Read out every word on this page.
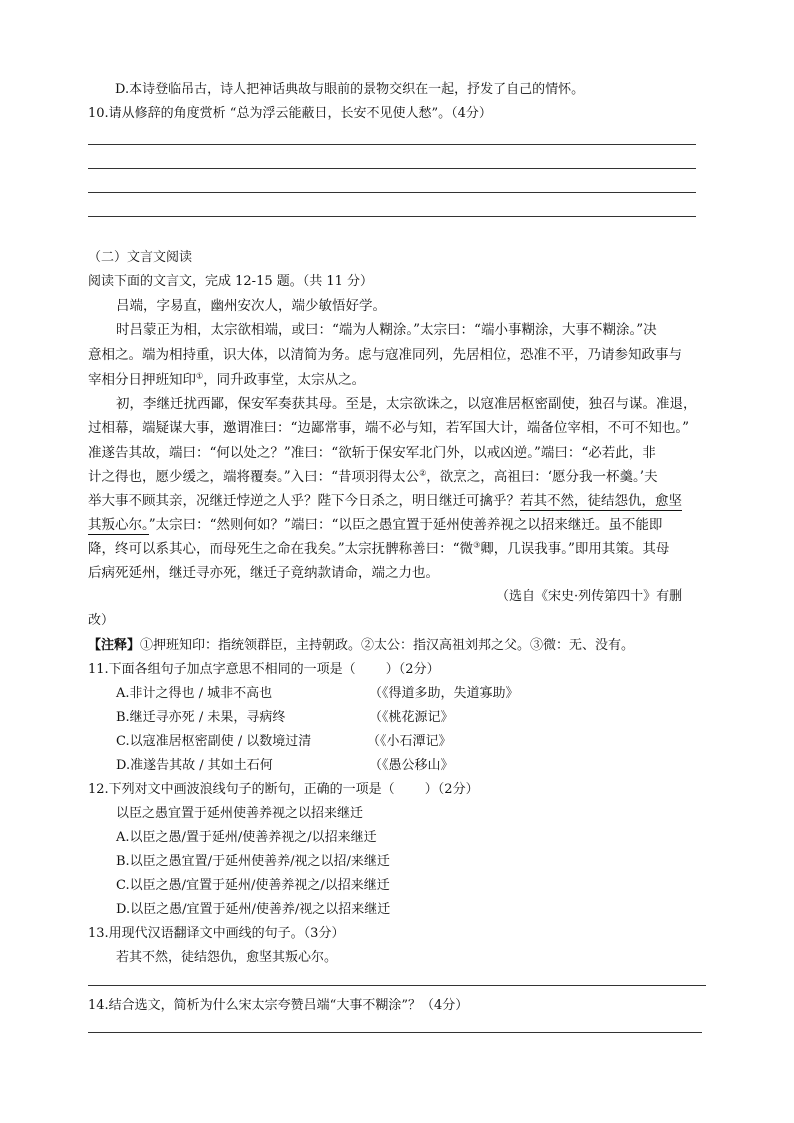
D.本诗登临吊古，诗人把神话典故与眼前的景物交织在一起，抒发了自己的情怀。
10.请从修辞的角度赏析 “总为浮云能蔽日，长安不见使人愁”。（4分）
（二）文言文阅读
阅读下面的文言文，完成 12-15 题。（共 11 分）
吕端，字易直，幽州安次人，端少敏悟好学。
时吕蒙正为相，太宗欲相端，或曰：“端为人糊涂。”太宗曰：“端小事糊涂，大事不糊涂。”决
意相之。端为相持重，识大体，以清简为务。虑与寇准同列，先居相位，恐准不平，乃请参知政事与
宰相分日押班知印①，同升政事堂，太宗从之。
初，李继迁扰西鄙，保安军奏获其母。至是，太宗欲诛之，以寇准居枢密副使，独召与谋。准退，
过相幕，端疑谋大事，邀谓准曰：“边鄙常事，端不必与知，若军国大计，端备位宰相，不可不知也。”
准遂告其故，端曰：“何以处之？”准曰：“欲斩于保安军北门外，以戒凶逆。”端曰：“必若此，非
计之得也，愿少缓之，端将覆奏。”入曰：“昔项羽得太公②，欲烹之，高祖曰：‘愿分我一杯羹。’夫
举大事不顾其亲，况继迁悖逆之人乎？陛下今日杀之，明日继迁可擒乎？若其不然，徒结怨仇，愈坚
其叛心尔。”太宗曰：“然则何如？”端曰：“以臣之愚宜置于延州使善养视之以招来继迁。虽不能即
降，终可以系其心，而母死生之命在我矣。”太宗抚髀称善曰：“微③卿，几误我事。”即用其策。其母
后病死延州，继迁寻亦死，继迁子竟纳款请命，端之力也。
（选自《宋史·列传第四十》有删
改）
【注释】①押班知印：指统领群臣，主持朝政。②太公：指汉高祖刘邦之父。③微：无、没有。
11.下面各组句子加点字意思不相同的一项是（　　 ）（2分）
A.非计之得也 / 城非不高也	（《得道多助，失道寡助》
B.继迁寻亦死 / 未果，寻病终	（《桃花源记》
C.以寇准居枢密副使 / 以数境过清	（《小石潭记》
D.准遂告其故 / 其如土石何	（《愚公移山》
12.下列对文中画波浪线句子的断句，正确的一项是（　　 ）（2分）
以臣之愚宜置于延州使善养视之以招来继迁
A.以臣之愚/置于延州/使善养视之/以招来继迁
B.以臣之愚宜置/于延州使善养/视之以招/来继迁
C.以臣之愚/宜置于延州/使善养视之/以招来继迁
D.以臣之愚/宜置于延州/使善养/视之以招来继迁
13.用现代汉语翻译文中画线的句子。（3分）
若其不然，徒结怨仇，愈坚其叛心尔。
14.结合选文，简析为什么宋太宗夸赞吕端“大事不糊涂”？（4分）
